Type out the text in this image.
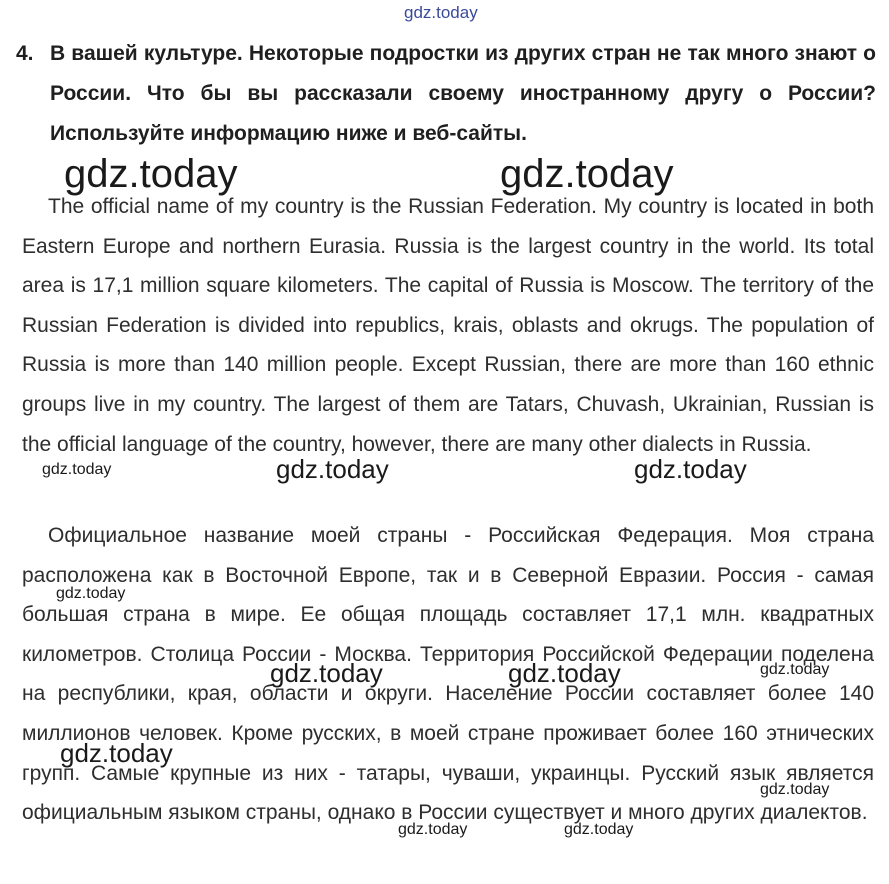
gdz.today
4. В вашей культуре. Некоторые подростки из других стран не так много знают о России. Что бы вы рассказали своему иностранному другу о России? Используйте информацию ниже и веб-сайты.
The official name of my country is the Russian Federation. My country is located in both Eastern Europe and northern Eurasia. Russia is the largest country in the world. Its total area is 17,1 million square kilometers. The capital of Russia is Moscow. The territory of the Russian Federation is divided into republics, krais, oblasts and okrugs. The population of Russia is more than 140 million people. Except Russian, there are more than 160 ethnic groups live in my country. The largest of them are Tatars, Chuvash, Ukrainian, Russian is the official language of the country, however, there are many other dialects in Russia.
Официальное название моей страны - Российская Федерация. Моя страна расположена как в Восточной Европе, так и в Северной Евразии. Россия - самая большая страна в мире. Ее общая площадь составляет 17,1 млн. квадратных километров. Столица России - Москва. Территория Российской Федерации поделена на республики, края, области и округи. Население России составляет более 140 миллионов человек. Кроме русских, в моей стране проживает более 160 этнических групп. Самые крупные из них - татары, чуваши, украинцы. Русский язык является официальным языком страны, однако в России существует и много других диалектов.
gdz.today	gdz.today
gdz.today	gdz.today	gdz.today
gdz.today
gdz.today
gdz.today	gdz.today
gdz.today
gdz.today
gdz.today	gdz.today
